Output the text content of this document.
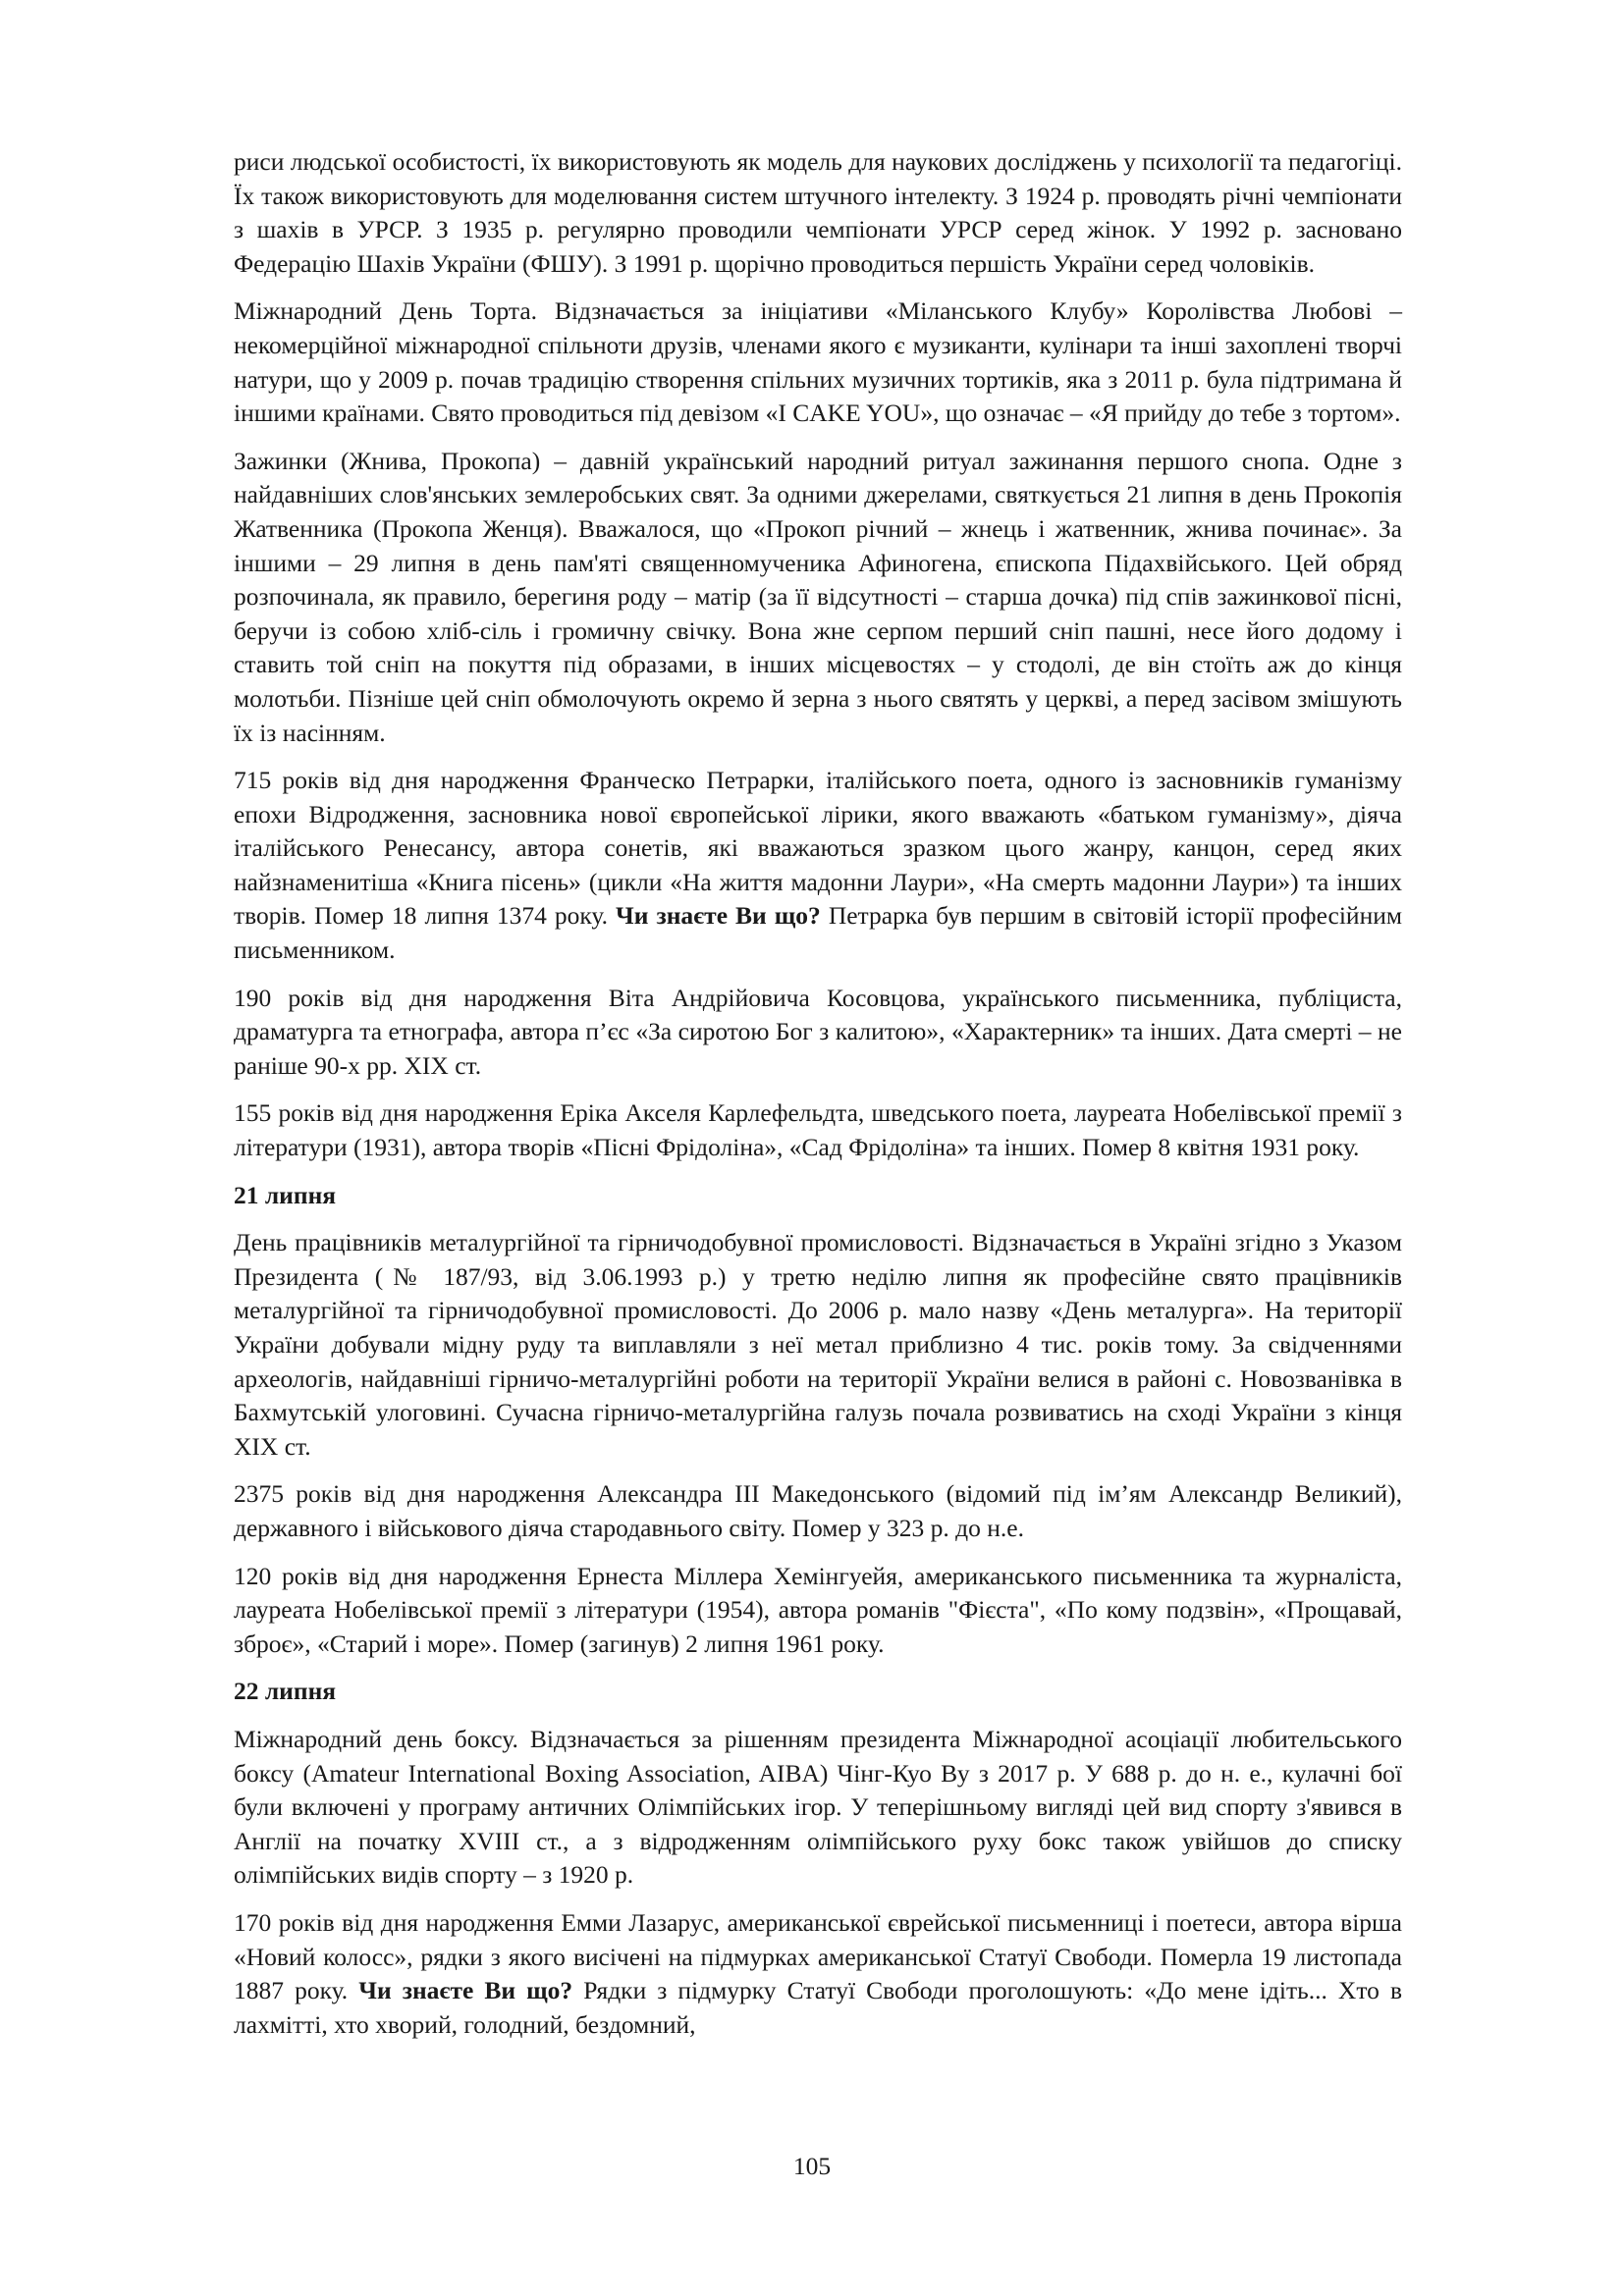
риси людської особистості, їх використовують як модель для наукових досліджень у психології та педагогіці. Їх також використовують для моделювання систем штучного інтелекту. З 1924 р. проводять річні чемпіонати з шахів в УРСР. З 1935 р. регулярно проводили чемпіонати УРСР серед жінок. У 1992 р. засновано Федерацію Шахів України (ФШУ). З 1991 р. щорічно проводиться першість України серед чоловіків.

Міжнародний День Торта. Відзначається за ініціативи «Міланського Клубу» Королівства Любові – некомерційної міжнародної спільноти друзів, членами якого є музиканти, кулінари та інші захоплені творчі натури, що у 2009 р. почав традицію створення спільних музичних тортиків, яка з 2011 р. була підтримана й іншими країнами. Свято проводиться під девізом «I CAKE YOU», що означає – «Я прийду до тебе з тортом».

Зажинки (Жнива, Прокопа) – давній український народний ритуал зажинання першого снопа. Одне з найдавніших слов'янських землеробських свят. За одними джерелами, святкується 21 липня в день Прокопія Жатвенника (Прокопа Женця). Вважалося, що «Прокоп річний – жнець і жатвенник, жнива починає». За іншими – 29 липня в день пам'яті священномученика Афиногена, єпископа Підахвійського. Цей обряд розпочинала, як правило, берегиня роду – матір (за її відсутності – старша дочка) під спів зажинкової пісні, беручи із собою хліб-сіль і громичну свічку. Вона жне серпом перший сніп пашні, несе його додому і ставить той сніп на покуття під образами, в інших місцевостях – у стодолі, де він стоїть аж до кінця молотьби. Пізніше цей сніп обмолочують окремо й зерна з нього святять у церкві, а перед засівом змішують їх із насінням.

715 років від дня народження Франческо Петрарки, італійського поета, одного із засновників гуманізму епохи Відродження, засновника нової європейської лірики, якого вважають «батьком гуманізму», діяча італійського Ренесансу, автора сонетів, які вважаються зразком цього жанру, канцон, серед яких найзнаменитіша «Книга пісень» (цикли «На життя мадонни Лаури», «На смерть мадонни Лаури») та інших творів. Помер 18 липня 1374 року. Чи знаєте Ви що? Петрарка був першим в світовій історії професійним письменником.

190 років від дня народження Віта Андрійовича Косовцова, українського письменника, публіциста, драматурга та етнографа, автора п’єс «За сиротою Бог з калитою», «Характерник» та інших. Дата смерті – не раніше 90-х рр. XIX ст.

155 років від дня народження Еріка Акселя Карлефельдта, шведського поета, лауреата Нобелівської премії з літератури (1931), автора творів «Пісні Фрідоліна», «Сад Фрідоліна» та інших. Помер 8 квітня 1931 року.

21 липня

День працівників металургійної та гірничодобувної промисловості. Відзначається в Україні згідно з Указом Президента (№ 187/93, від 3.06.1993 р.) у третю неділю липня як професійне свято працівників металургійної та гірничодобувної промисловості. До 2006 р. мало назву «День металурга». На території України добували мідну руду та виплавляли з неї метал приблизно 4 тис. років тому. За свідченнями археологів, найдавніші гірничо-металургійні роботи на території України велися в районі с. Новозванівка в Бахмутській улоговині. Сучасна гірничо-металургійна галузь почала розвиватись на сході України з кінця XIX ст.

2375 років від дня народження Александра III Македонського (відомий під ім’ям Александр Великий), державного і військового діяча стародавнього світу. Помер у 323 р. до н.е.

120 років від дня народження Ернеста Міллера Хемінгуейя, американського письменника та журналіста, лауреата Нобелівської премії з літератури (1954), автора романів "Фієста", «По кому подзвін», «Прощавай, зброє», «Старий і море». Помер (загинув) 2 липня 1961 року.

22 липня

Міжнародний день боксу. Відзначається за рішенням президента Міжнародної асоціації любительського боксу (Amateur International Boxing Association, AIBA) Чінг-Куо Ву з 2017 р. У 688 р. до н. е., кулачні бої були включені у програму античних Олімпійських ігор. У теперішньому вигляді цей вид спорту з'явився в Англії на початку XVIII ст., а з відродженням олімпійського руху бокс також увійшов до списку олімпійських видів спорту – з 1920 р.

170 років від дня народження Емми Лазарус, американської єврейської письменниці і поетеси, автора вірша «Новий колосс», рядки з якого висічені на підмурках американської Статуї Свободи. Померла 19 листопада 1887 року. Чи знаєте Ви що? Рядки з підмурку Статуї Свободи проголошують: «До мене ідіть... Хто в лахмітті, хто хворий, голодний, бездомний,

105
